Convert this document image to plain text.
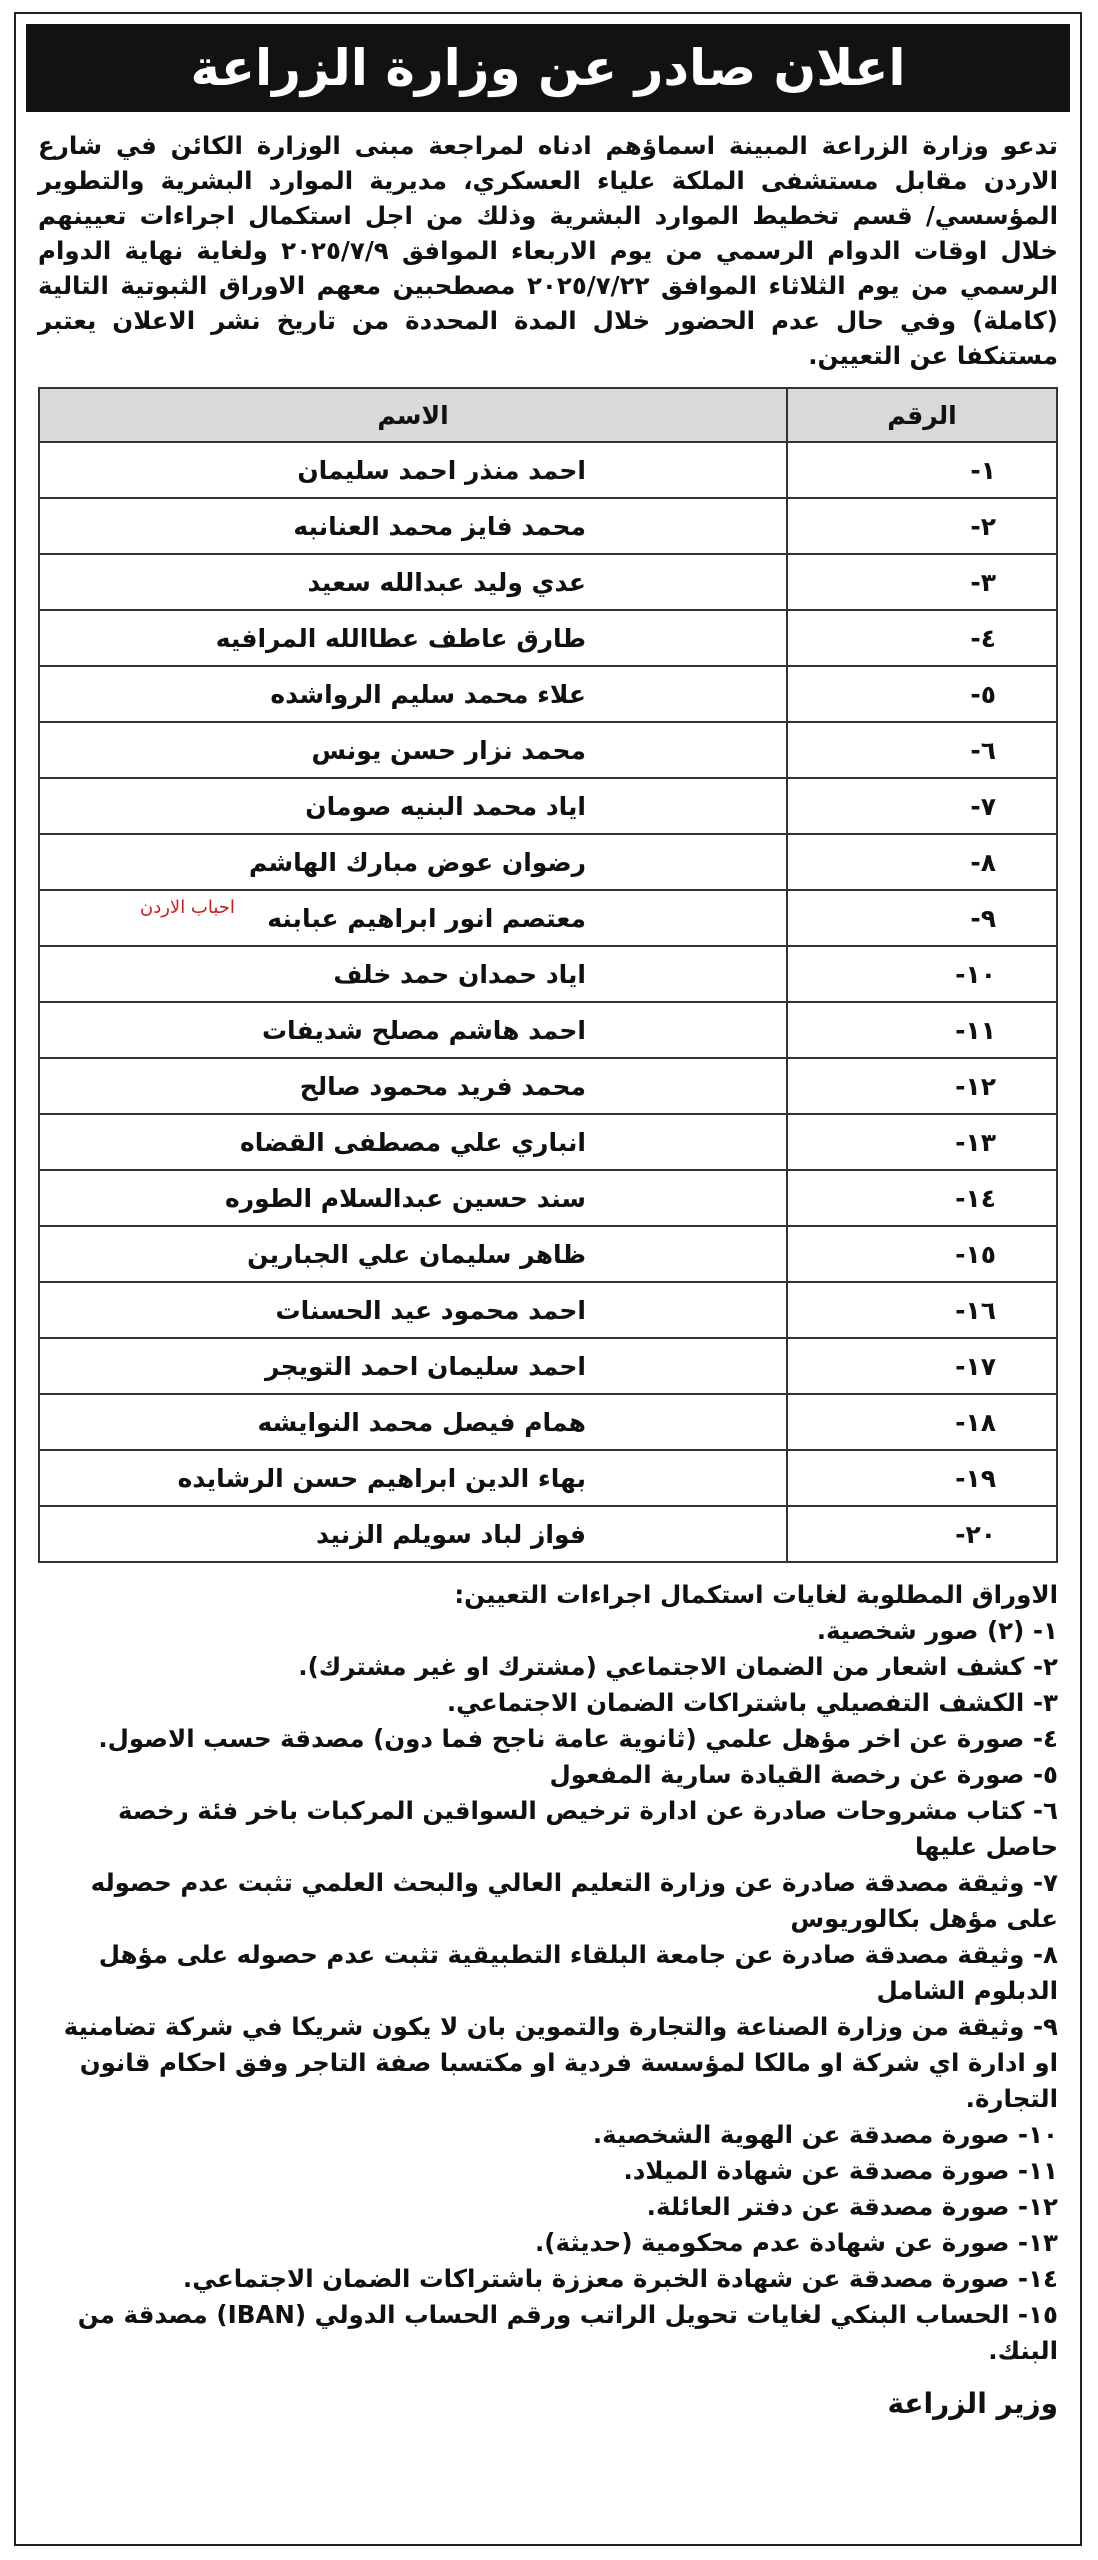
اعلان صادر عن وزارة الزراعة
تدعو وزارة الزراعة المبينة اسماؤهم ادناه لمراجعة مبنى الوزارة الكائن في شارع الاردن مقابل مستشفى الملكة علياء العسكري، مديرية الموارد البشرية والتطوير المؤسسي/ قسم تخطيط الموارد البشرية وذلك من اجل استكمال اجراءات تعيينهم خلال اوقات الدوام الرسمي من يوم الاربعاء الموافق ٢٠٢٥/٧/٩ ولغاية نهاية الدوام الرسمي من يوم الثلاثاء الموافق ٢٠٢٥/٧/٢٢ مصطحبين معهم الاوراق الثبوتية التالية (كاملة) وفي حال عدم الحضور خلال المدة المحددة من تاريخ نشر الاعلان يعتبر مستنكفا عن التعيين.
الرقم	الاسم
١-	احمد منذر احمد سليمان
٢-	محمد فايز محمد العنانبه
٣-	عدي وليد عبدالله سعيد
٤-	طارق عاطف عطاالله المرافيه
٥-	علاء محمد سليم الرواشده
٦-	محمد نزار حسن يونس
٧-	اياد محمد البنيه صومان
٨-	رضوان عوض مبارك الهاشم
٩-	معتصم انور ابراهيم عبابنه
احباب الاردن

١٠-	اياد حمدان حمد خلف
١١-	احمد هاشم مصلح شديفات
١٢-	محمد فريد محمود صالح
١٣-	انباري علي مصطفى القضاه
١٤-	سند حسين عبدالسلام الطوره
١٥-	ظاهر سليمان علي الجبارين
١٦-	احمد محمود عيد الحسنات
١٧-	احمد سليمان احمد التويجر
١٨-	همام فيصل محمد النوايشه
١٩-	بهاء الدين ابراهيم حسن الرشايده
٢٠-	فواز لباد سويلم الزنيد
الاوراق المطلوبة لغايات استكمال اجراءات التعيين:
١- (٢) صور شخصية.
٢- كشف اشعار من الضمان الاجتماعي (مشترك او غير مشترك).
٣- الكشف التفصيلي باشتراكات الضمان الاجتماعي.
٤- صورة عن اخر مؤهل علمي (ثانوية عامة ناجح فما دون) مصدقة حسب الاصول.
٥- صورة عن رخصة القيادة سارية المفعول
٦- كتاب مشروحات صادرة عن ادارة ترخيص السواقين المركبات باخر فئة رخصة حاصل عليها
٧- وثيقة مصدقة صادرة عن وزارة التعليم العالي والبحث العلمي تثبت عدم حصوله على مؤهل بكالوريوس
٨- وثيقة مصدقة صادرة عن جامعة البلقاء التطبيقية تثبت عدم حصوله على مؤهل الدبلوم الشامل
٩- وثيقة من وزارة الصناعة والتجارة والتموين بان لا يكون شريكا في شركة تضامنية او ادارة اي شركة او مالكا لمؤسسة فردية او مكتسبا صفة التاجر وفق احكام قانون التجارة.
١٠- صورة مصدقة عن الهوية الشخصية.
١١- صورة مصدقة عن شهادة الميلاد.
١٢- صورة مصدقة عن دفتر العائلة.
١٣- صورة عن شهادة عدم محكومية (حديثة).
١٤- صورة مصدقة عن شهادة الخبرة معززة باشتراكات الضمان الاجتماعي.
١٥- الحساب البنكي لغايات تحويل الراتب ورقم الحساب الدولي (IBAN) مصدقة من البنك.
وزير الزراعة
